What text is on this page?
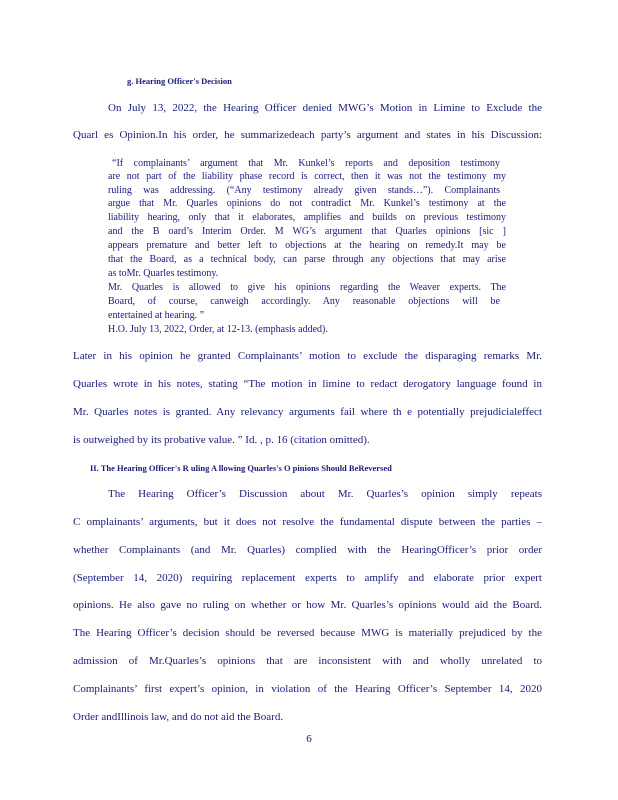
g. Hearing Officer's Decision
On July 13, 2022, the Hearing Officer denied MWG’s Motion in Limine to Exclude the
Quarl es Opinion.In his order, he summarizedeach party’s argument and states in his Discussion:
“If complainants’ argument that Mr. Kunkel’s reports and deposition testimony
are not part of the liability phase record is correct, then it was not the testimony my
ruling was addressing. (“Any testimony already given stands…”). Complainants
argue that Mr. Quarles opinions do not contradict Mr. Kunkel’s testimony at the
liability hearing, only that it elaborates, amplifies and builds on previous testimony
and the B oard’s Interim Order. M WG’s argument that Quarles opinions [sic ]
appears premature and better left to objections at the hearing on remedy.It may be
that the Board, as a technical body, can parse through any objections that may arise
as toMr. Quarles testimony.
Mr. Quarles is allowed to give his opinions regarding the Weaver experts. The
Board, of course, canweigh accordingly. Any reasonable objections will be
entertained at hearing. ”
H.O. July 13, 2022, Order, at 12-13. (emphasis added).
Later in his opinion he granted Complainants’ motion to exclude the disparaging remarks Mr.
Quarles wrote in his notes, stating “The motion in limine to redact derogatory language found in
Mr. Quarles notes is granted. Any relevancy arguments fail where th e potentially prejudicialeffect
is outweighed by its probative value. ” Id. , p. 16 (citation omitted).
II. The Hearing Officer's R uling A llowing Quarles's O pinions Should BeReversed
The Hearing Officer’s Discussion about Mr. Quarles’s opinion simply repeats
C omplainants’ arguments, but it does not resolve the fundamental dispute between the parties –
whether Complainants (and Mr. Quarles) complied with the HearingOfficer’s prior order
(September 14, 2020) requiring replacement experts to amplify and elaborate prior expert
opinions. He also gave no ruling on whether or how Mr. Quarles’s opinions would aid the Board.
The Hearing Officer’s decision should be reversed because MWG is materially prejudiced by the
admission of Mr.Quarles’s opinions that are inconsistent with and wholly unrelated to
Complainants’ first expert’s opinion, in violation of the Hearing Officer’s September 14, 2020
Order andIllinois law, and do not aid the Board.
6
